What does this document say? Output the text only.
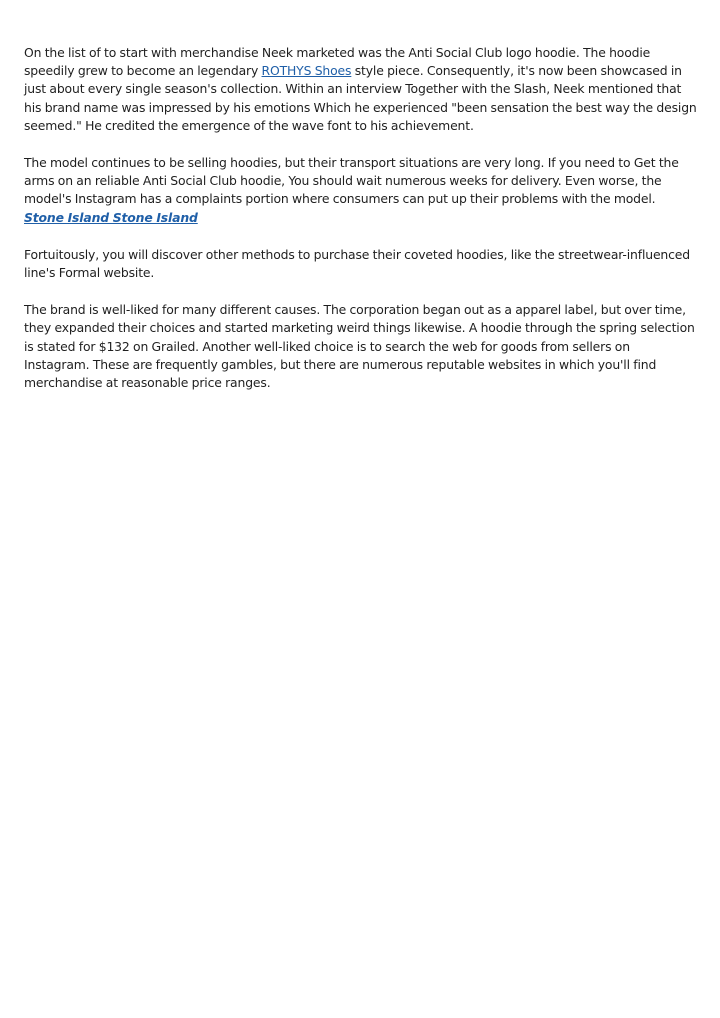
On the list of to start with merchandise Neek marketed was the Anti Social Club logo hoodie. The hoodie speedily grew to become an legendary ROTHYS Shoes style piece. Consequently, it's now been showcased in just about every single season's collection. Within an interview Together with the Slash, Neek mentioned that his brand name was impressed by his emotions Which he experienced "been sensation the best way the design seemed." He credited the emergence of the wave font to his achievement.

The model continues to be selling hoodies, but their transport situations are very long. If you need to Get the arms on an reliable Anti Social Club hoodie, You should wait numerous weeks for delivery. Even worse, the model's Instagram has a complaints portion where consumers can put up their problems with the model. Stone Island Stone Island

Fortuitously, you will discover other methods to purchase their coveted hoodies, like the streetwear-influenced line's Formal website.

The brand is well-liked for many different causes. The corporation began out as a apparel label, but over time, they expanded their choices and started marketing weird things likewise. A hoodie through the spring selection is stated for $132 on Grailed. Another well-liked choice is to search the web for goods from sellers on Instagram. These are frequently gambles, but there are numerous reputable websites in which you'll find merchandise at reasonable price ranges.
